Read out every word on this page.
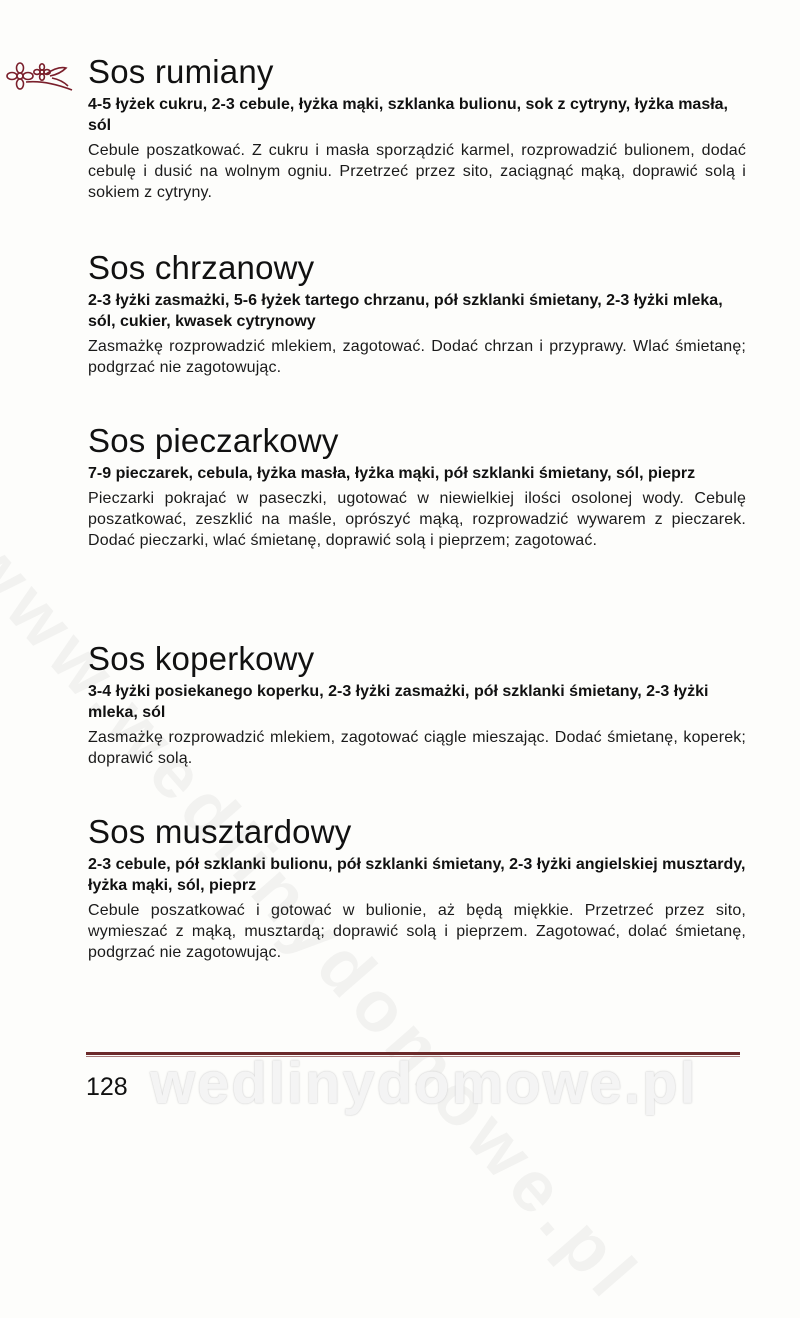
Sos rumiany

4-5 łyżek cukru, 2-3 cebule, łyżka mąki, szklanka bulionu, sok z cytryny, łyżka masła, sól

Cebule poszatkować. Z cukru i masła sporządzić karmel, rozprowadzić bulionem, dodać cebulę i dusić na wolnym ogniu. Przetrzeć przez sito, zaciągnąć mąką, doprawić solą i sokiem z cytryny.

Sos chrzanowy

2-3 łyżki zasmażki, 5-6 łyżek tartego chrzanu, pół szklanki śmietany, 2-3 łyżki mleka, sól, cukier, kwasek cytrynowy

Zasmażkę rozprowadzić mlekiem, zagotować. Dodać chrzan i przyprawy. Wlać śmietanę; podgrzać nie zagotowując.

Sos pieczarkowy

7-9 pieczarek, cebula, łyżka masła, łyżka mąki, pół szklanki śmietany, sól, pieprz

Pieczarki pokrajać w paseczki, ugotować w niewielkiej ilości osolonej wody. Cebulę poszatkować, zeszklić na maśle, oprószyć mąką, rozprowadzić wywarem z pieczarek. Dodać pieczarki, wlać śmietanę, doprawić solą i pieprzem; zagotować.

Sos koperkowy

3-4 łyżki posiekanego koperku, 2-3 łyżki zasmażki, pół szklanki śmietany, 2-3 łyżki mleka, sól

Zasmażkę rozprowadzić mlekiem, zagotować ciągle mieszając. Dodać śmietanę, koperek; doprawić solą.

Sos musztardowy

2-3 cebule, pół szklanki bulionu, pół szklanki śmietany, 2-3 łyżki angielskiej musztardy, łyżka mąki, sól, pieprz

Cebule poszatkować i gotować w bulionie, aż będą miękkie. Przetrzeć przez sito, wymieszać z mąką, musztardą; doprawić solą i pieprzem. Zagotować, dolać śmietanę, podgrzać nie zagotowując.

wedlinydomowe.pl
128
